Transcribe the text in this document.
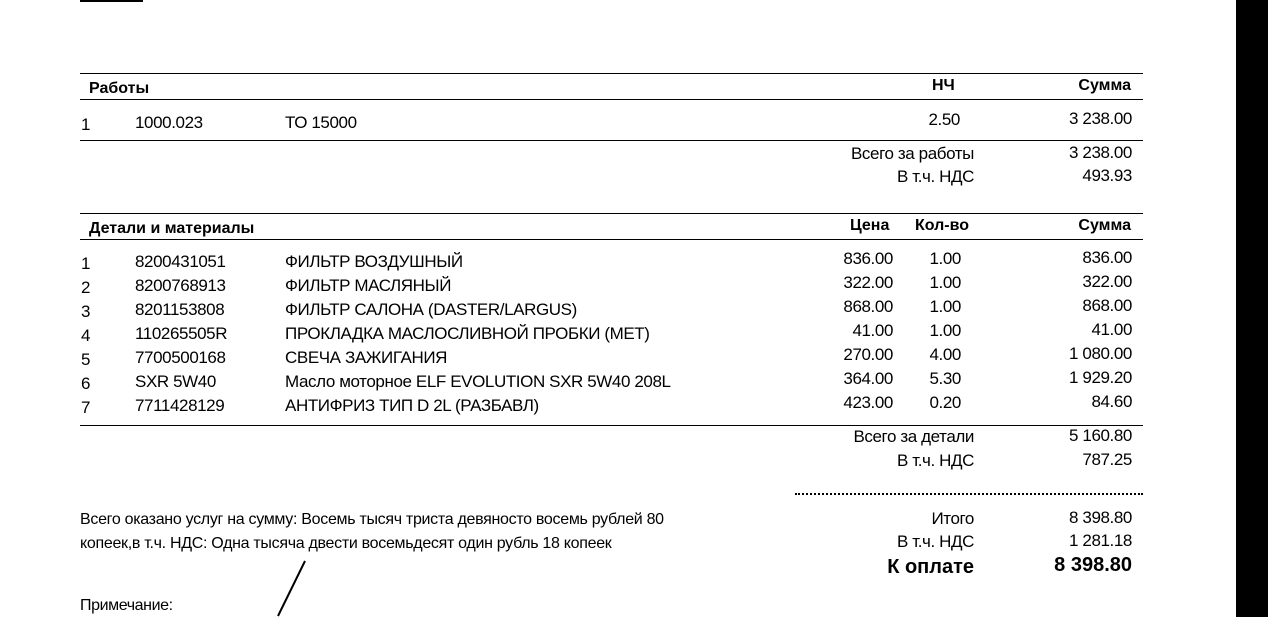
Работы	НЧ	Сумма
1	1000.023	ТО 15000	2.50	3 238.00
Всего за работы	3 238.00
В т.ч. НДС	493.93
Детали и материалы	Цена Кол-во	Сумма
1	8200431051	ФИЛЬТР ВОЗДУШНЫЙ	836.00	1.00	836.00
2	8200768913	ФИЛЬТР МАСЛЯНЫЙ	322.00	1.00	322.00
3	8201153808	ФИЛЬТР САЛОНА (DASTER/LARGUS)	868.00	1.00	868.00
4	110265505R	ПРОКЛАДКА МАСЛОСЛИВНОЙ ПРОБКИ (МЕТ)	41.00	1.00	41.00
5	7700500168	СВЕЧА ЗАЖИГАНИЯ	270.00	4.00	1 080.00
6	SXR 5W40	Масло моторное ELF EVOLUTION SXR 5W40 208L	364.00	5.30	1 929.20
7	7711428129	АНТИФРИЗ ТИП D 2L (РАЗБАВЛ)	423.00	0.20	84.60
Всего за детали	5 160.80
В т.ч. НДС	787.25
Всего оказано услуг на сумму: Восемь тысяч триста девяносто восемь рублей 80
копеек,в т.ч. НДС: Одна тысяча двести восемьдесят один рубль 18 копеек
Итого	8 398.80
В т.ч. НДС	1 281.18
К оплате	8 398.80
Примечание:
